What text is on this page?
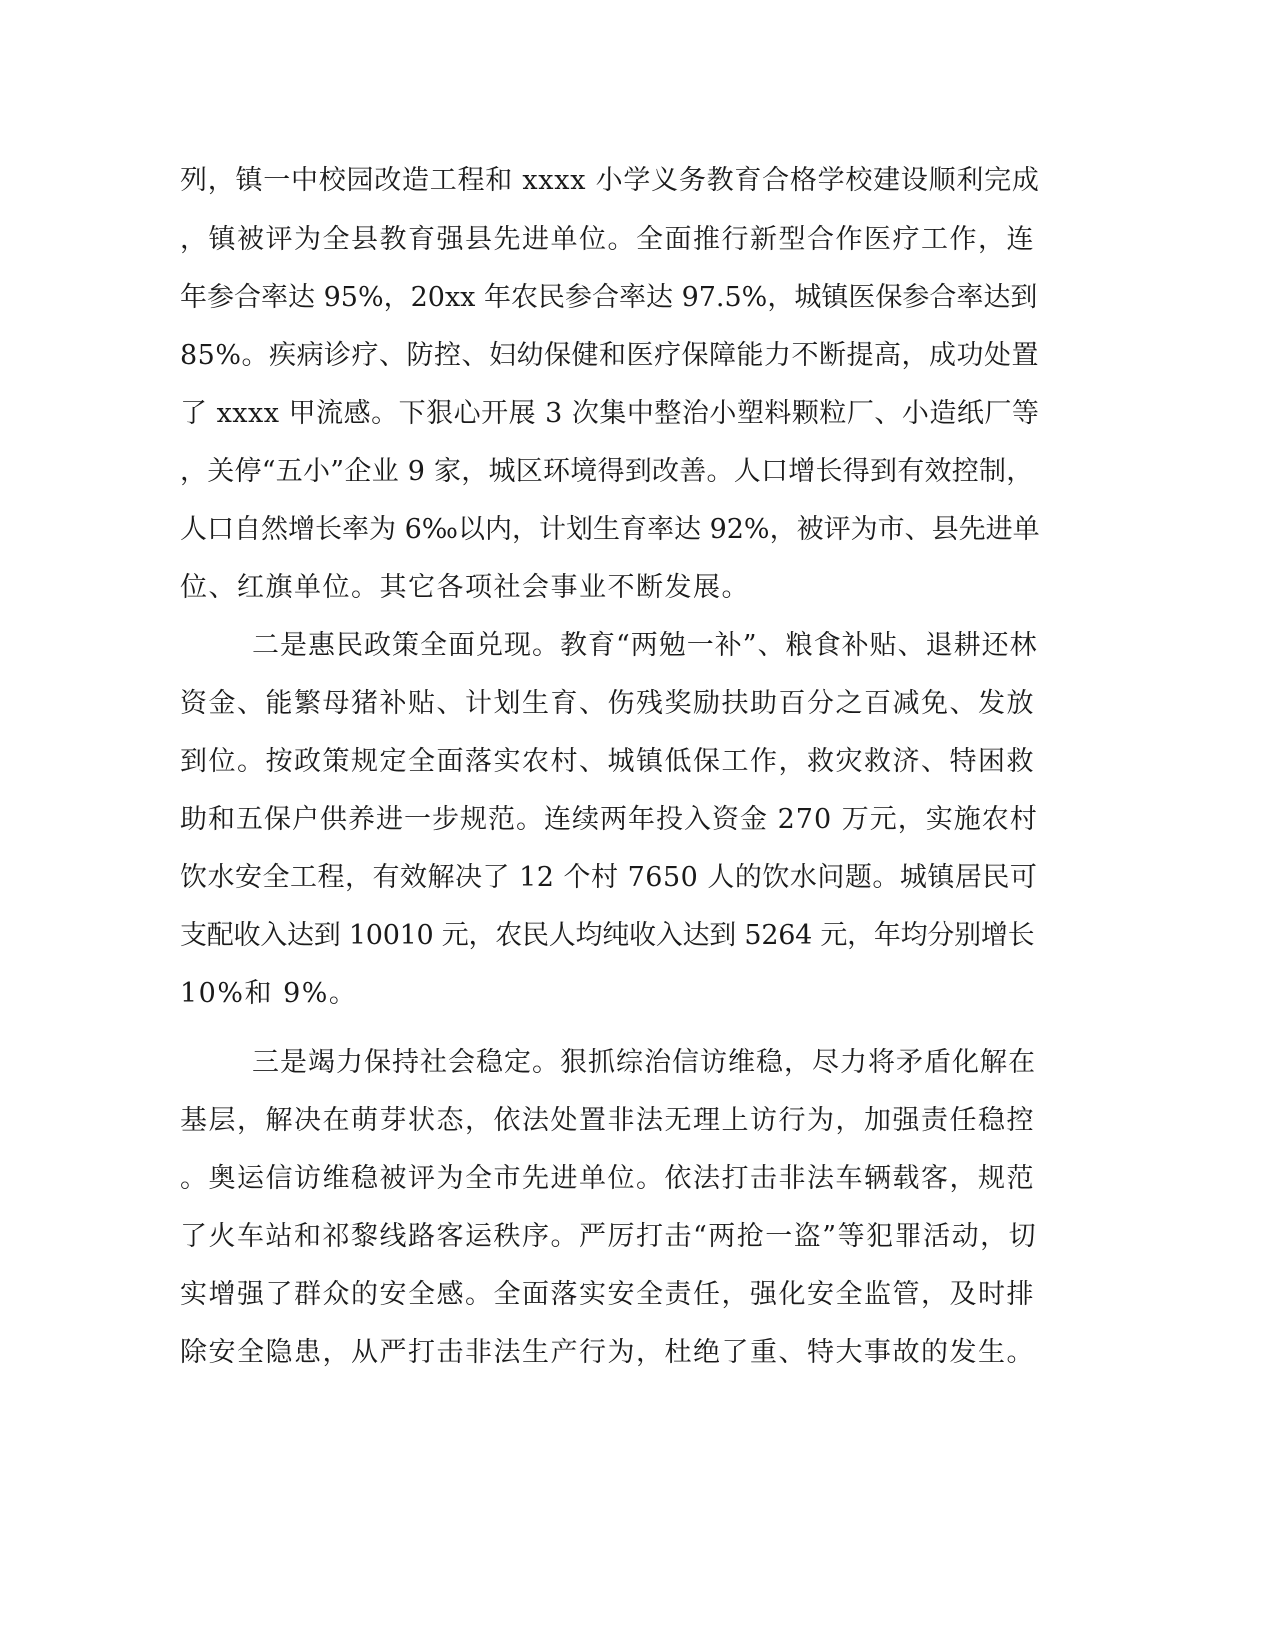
列，镇一中校园改造工程和 xxxx 小学义务教育合格学校建设顺利完成
，镇被评为全县教育强县先进单位。全面推行新型合作医疗工作，连
年参合率达 95%，20xx 年农民参合率达 97.5%，城镇医保参合率达到
85%。疾病诊疗、防控、妇幼保健和医疗保障能力不断提高，成功处置
了 xxxx 甲流感。下狠心开展 3 次集中整治小塑料颗粒厂、小造纸厂等
，关停“五小”企业 9 家，城区环境得到改善。人口增长得到有效控制，
人口自然增长率为 6‰以内，计划生育率达 92%，被评为市、县先进单
位、红旗单位。其它各项社会事业不断发展。
二是惠民政策全面兑现。教育“两勉一补”、粮食补贴、退耕还林
资金、能繁母猪补贴、计划生育、伤残奖励扶助百分之百减免、发放
到位。按政策规定全面落实农村、城镇低保工作，救灾救济、特困救
助和五保户供养进一步规范。连续两年投入资金 270 万元，实施农村
饮水安全工程，有效解决了 12 个村 7650 人的饮水问题。城镇居民可
支配收入达到 10010 元，农民人均纯收入达到 5264 元，年均分别增长
10%和 9%。
三是竭力保持社会稳定。狠抓综治信访维稳，尽力将矛盾化解在
基层，解决在萌芽状态，依法处置非法无理上访行为，加强责任稳控
。奥运信访维稳被评为全市先进单位。依法打击非法车辆载客，规范
了火车站和祁黎线路客运秩序。严厉打击“两抢一盗”等犯罪活动，切
实增强了群众的安全感。全面落实安全责任，强化安全监管，及时排
除安全隐患，从严打击非法生产行为，杜绝了重、特大事故的发生。
